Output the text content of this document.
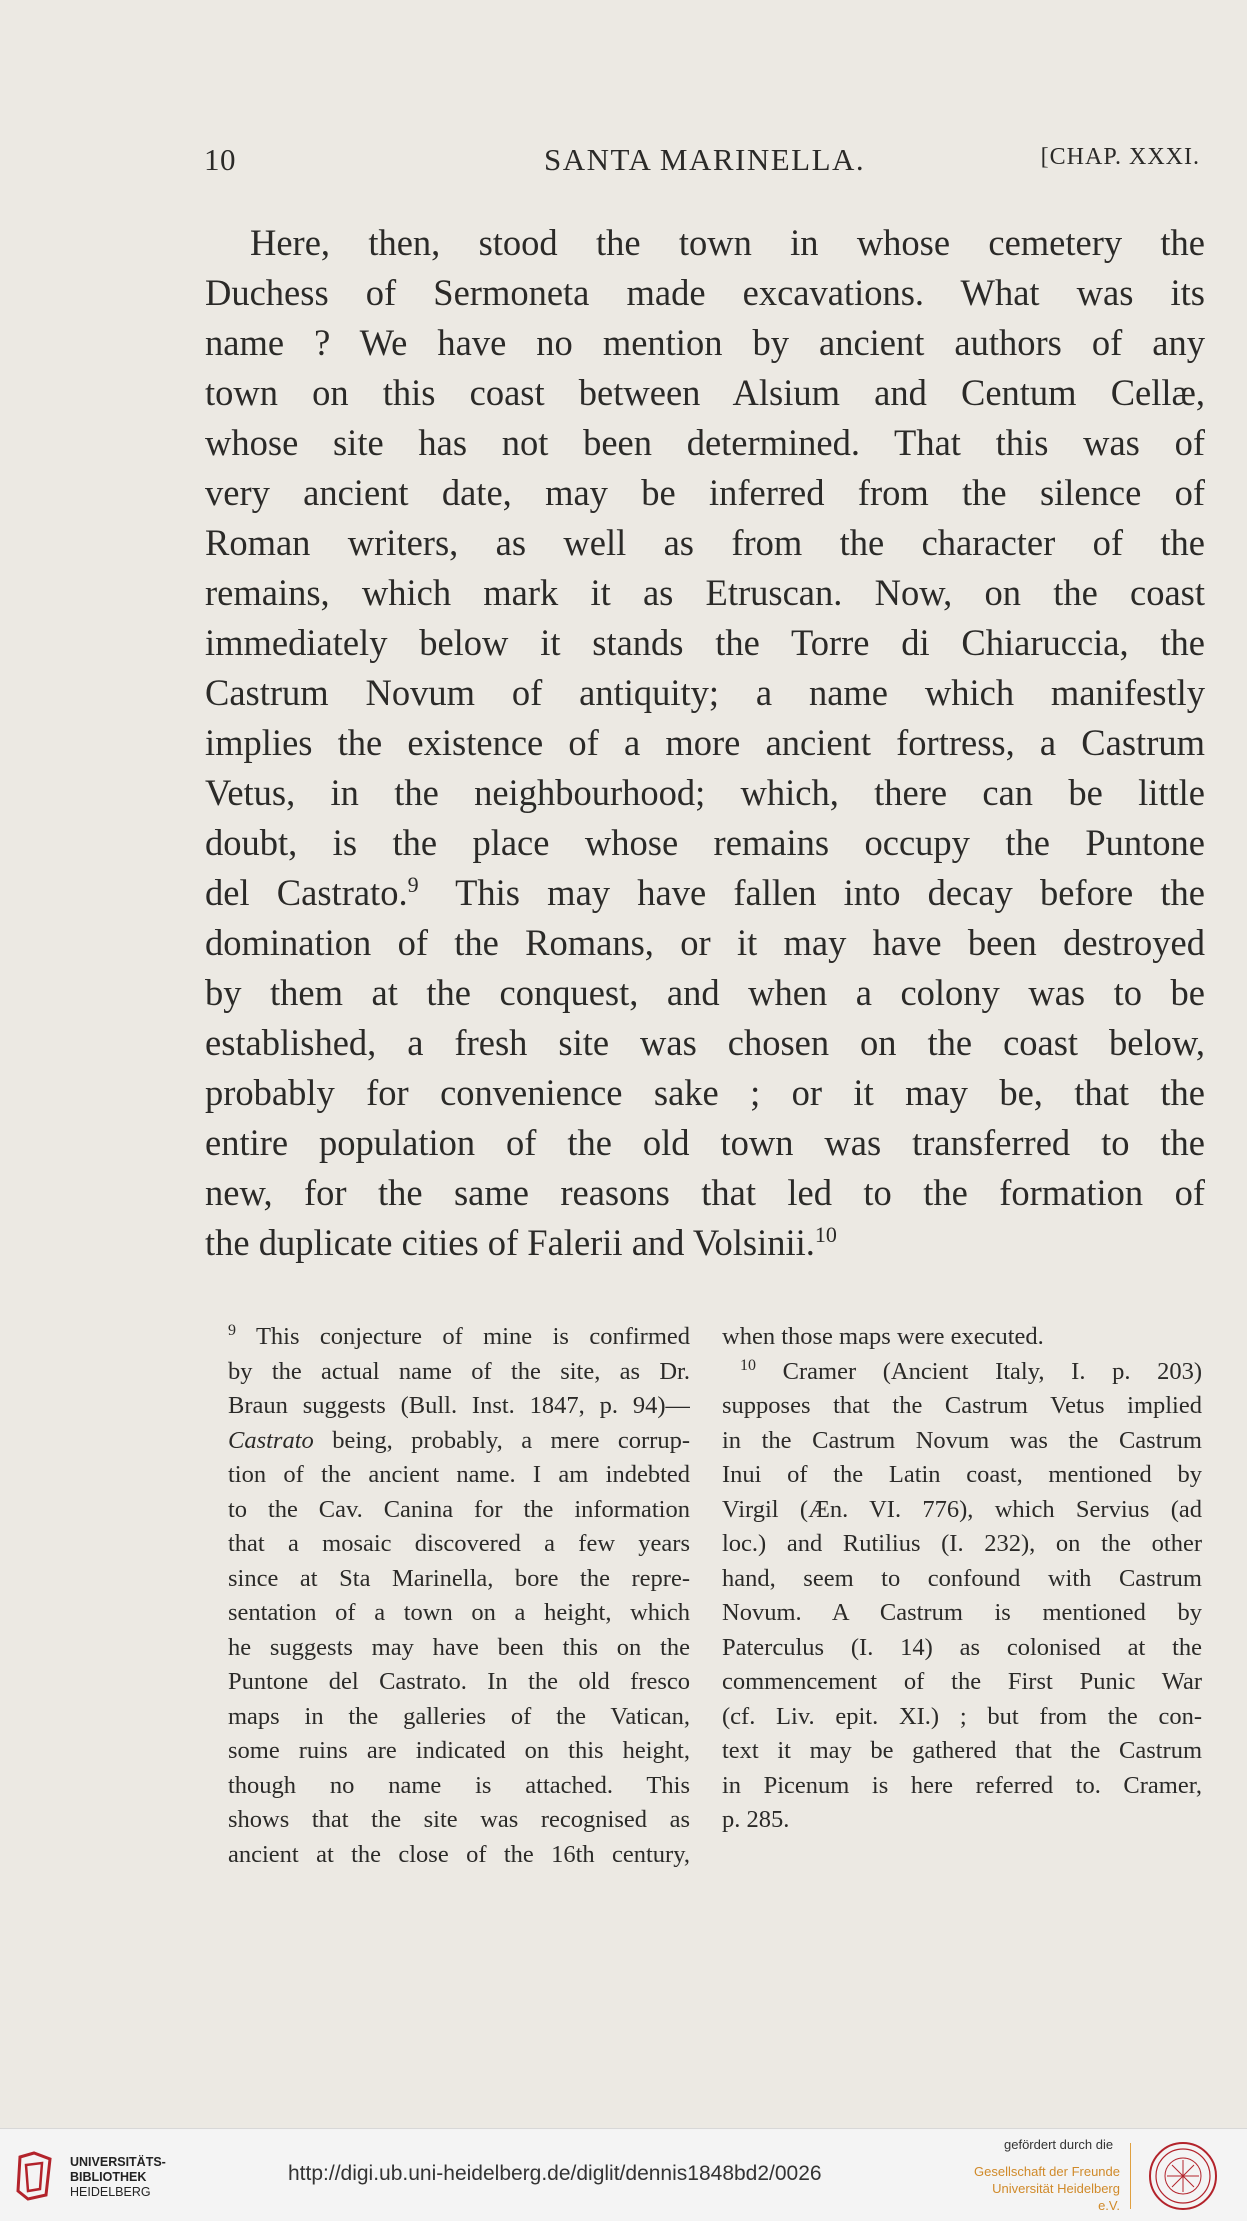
10	SANTA MARINELLA.	[CHAP. XXXI.
Here, then, stood the town in whose cemetery the
Duchess of Sermoneta made excavations. What was its
name ? We have no mention by ancient authors of any
town on this coast between Alsium and Centum Cellæ,
whose site has not been determined. That this was of
very ancient date, may be inferred from the silence of
Roman writers, as well as from the character of the
remains, which mark it as Etruscan. Now, on the coast
immediately below it stands the Torre di Chiaruccia, the
Castrum Novum of antiquity; a name which manifestly
implies the existence of a more ancient fortress, a Castrum
Vetus, in the neighbourhood; which, there can be little
doubt, is the place whose remains occupy the Puntone
del Castrato.$^9$  This may have fallen into decay before the
domination of the Romans, or it may have been destroyed
by them at the conquest, and when a colony was to be
established, a fresh site was chosen on the coast below,
probably for convenience sake ; or it may be, that the
entire population of the old town was transferred to the
new, for the same reasons that led to the formation of
the duplicate cities of Falerii and Volsinii.$^{10}$
$^9$ This conjecture of mine is confirmed
by the actual name of the site, as Dr.
Braun suggests (Bull. Inst. 1847, p. 94)—
Castrato being, probably, a mere corrup-
tion of the ancient name. I am indebted
to the Cav. Canina for the information
that a mosaic discovered a few years
since at Sta Marinella, bore the repre-
sentation of a town on a height, which
he suggests may have been this on the
Puntone del Castrato. In the old fresco
maps in the galleries of the Vatican,
some ruins are indicated on this height,
though no name is attached. This
shows that the site was recognised as
ancient at the close of the 16th century,
when those maps were executed.
$^{10}$ Cramer (Ancient Italy, I. p. 203)
supposes that the Castrum Vetus implied
in the Castrum Novum was the Castrum
Inui of the Latin coast, mentioned by
Virgil (Æn. VI. 776), which Servius (ad
loc.) and Rutilius (I. 232), on the other
hand, seem to confound with Castrum
Novum. A Castrum is mentioned by
Paterculus (I. 14) as colonised at the
commencement of the First Punic War
(cf. Liv. epit. XI.) ; but from the con-
text it may be gathered that the Castrum
in Picenum is here referred to. Cramer,
p. 285.
UNIVERSITÄTS-
BIBLIOTHEK
HEIDELBERG
http://digi.ub.uni-heidelberg.de/diglit/dennis1848bd2/0026
gefördert durch die
Gesellschaft der Freunde
Universität Heidelberg e.V.
